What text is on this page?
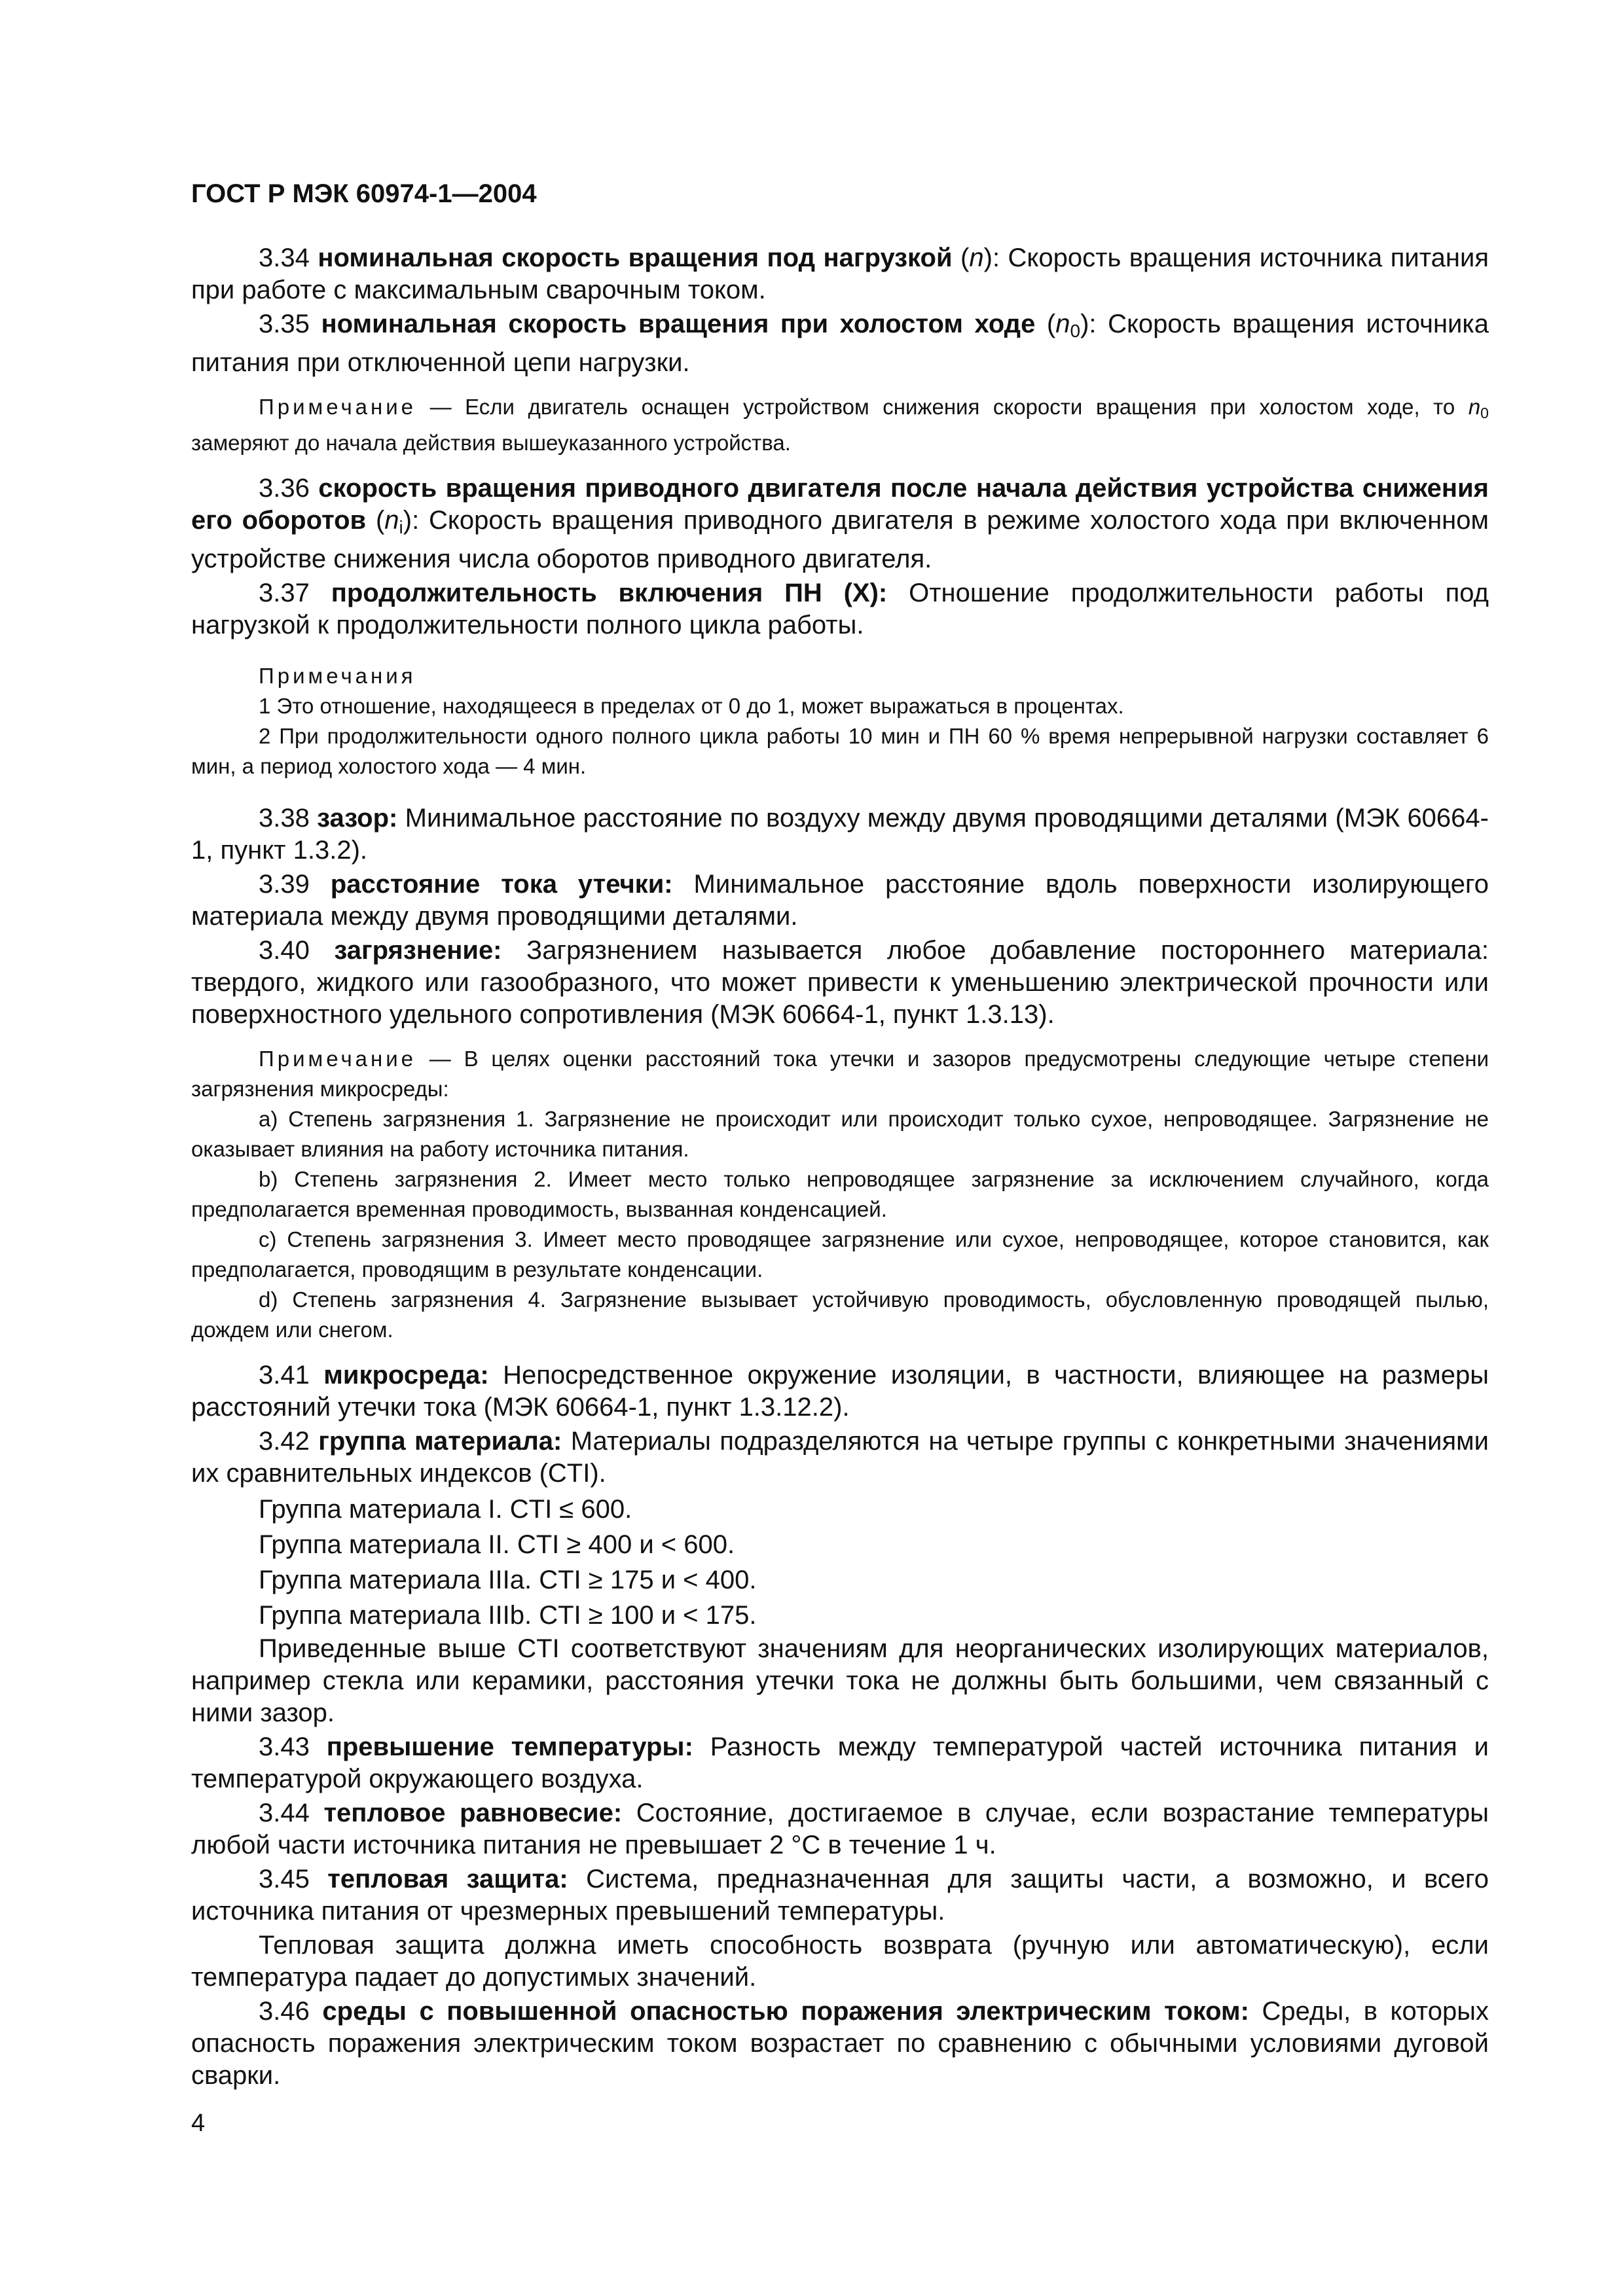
ГОСТ Р МЭК 60974-1—2004

3.34 номинальная скорость вращения под нагрузкой (n): Скорость вращения источника питания при работе с максимальным сварочным током.

3.35 номинальная скорость вращения при холостом ходе $(n_0)$: Скорость вращения источника питания при отключенной цепи нагрузки.

Примечание — Если двигатель оснащен устройством снижения скорости вращения при холостом ходе, то $n_0$ замеряют до начала действия вышеуказанного устройства.

3.36 скорость вращения приводного двигателя после начала действия устройства снижения его оборотов $(n_i)$: Скорость вращения приводного двигателя в режиме холостого хода при включенном устройстве снижения числа оборотов приводного двигателя.

3.37 продолжительность включения ПН (X): Отношение продолжительности работы под нагрузкой к продолжительности полного цикла работы.

Примечания

1 Это отношение, находящееся в пределах от 0 до 1, может выражаться в процентах.

2 При продолжительности одного полного цикла работы 10 мин и ПН 60 % время непрерывной нагрузки составляет 6 мин, а период холостого хода — 4 мин.

3.38 зазор: Минимальное расстояние по воздуху между двумя проводящими деталями (МЭК 60664-1, пункт 1.3.2).

3.39 расстояние тока утечки: Минимальное расстояние вдоль поверхности изолирующего материала между двумя проводящими деталями.

3.40 загрязнение: Загрязнением называется любое добавление постороннего материала: твердого, жидкого или газообразного, что может привести к уменьшению электрической прочности или поверхностного удельного сопротивления (МЭК 60664-1, пункт 1.3.13).

Примечание — В целях оценки расстояний тока утечки и зазоров предусмотрены следующие четыре степени загрязнения микросреды:

a) Степень загрязнения 1. Загрязнение не происходит или происходит только сухое, непроводящее. Загрязнение не оказывает влияния на работу источника питания.

b) Степень загрязнения 2. Имеет место только непроводящее загрязнение за исключением случайного, когда предполагается временная проводимость, вызванная конденсацией.

c) Степень загрязнения 3. Имеет место проводящее загрязнение или сухое, непроводящее, которое становится, как предполагается, проводящим в результате конденсации.

d) Степень загрязнения 4. Загрязнение вызывает устойчивую проводимость, обусловленную проводящей пылью, дождем или снегом.

3.41 микросреда: Непосредственное окружение изоляции, в частности, влияющее на размеры расстояний утечки тока (МЭК 60664-1, пункт 1.3.12.2).

3.42 группа материала: Материалы подразделяются на четыре группы с конкретными значениями их сравнительных индексов (CTI).

Группа материала I. CTI ≤ 600.

Группа материала II. CTI ≥ 400 и < 600.

Группа материала IIIa. CTI ≥ 175 и < 400.

Группа материала IIIb. CTI ≥ 100 и < 175.

Приведенные выше CTI соответствуют значениям для неорганических изолирующих материалов, например стекла или керамики, расстояния утечки тока не должны быть большими, чем связанный с ними зазор.

3.43 превышение температуры: Разность между температурой частей источника питания и температурой окружающего воздуха.

3.44 тепловое равновесие: Состояние, достигаемое в случае, если возрастание температуры любой части источника питания не превышает 2 °С в течение 1 ч.

3.45 тепловая защита: Система, предназначенная для защиты части, а возможно, и всего источника питания от чрезмерных превышений температуры.

Тепловая защита должна иметь способность возврата (ручную или автоматическую), если температура падает до допустимых значений.

3.46 среды с повышенной опасностью поражения электрическим током: Среды, в которых опасность поражения электрическим током возрастает по сравнению с обычными условиями дуговой сварки.

4
